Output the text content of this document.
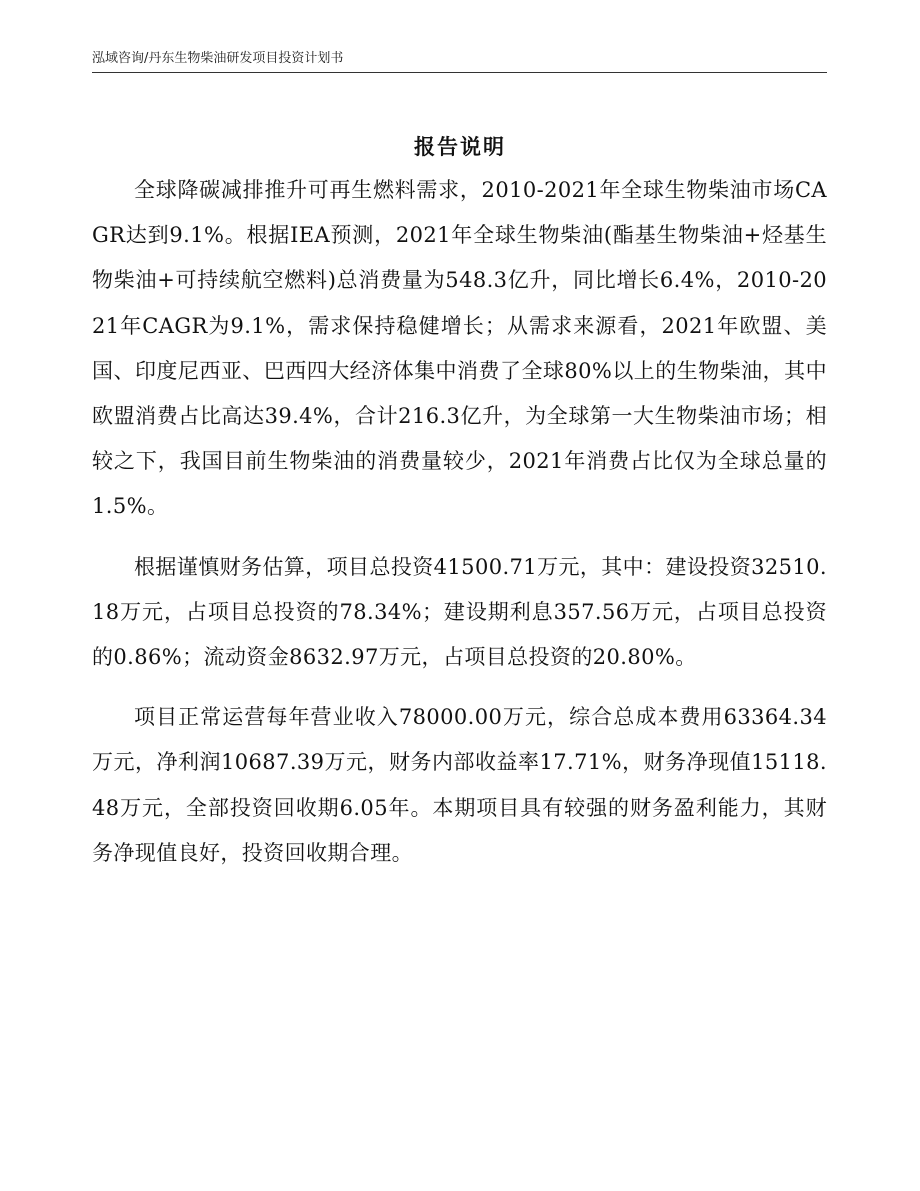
泓域咨询/丹东生物柴油研发项目投资计划书
报告说明

全球降碳减排推升可再生燃料需求，2010-2021年全球生物柴油市场CAGR达到9.1%。根据IEA预测，2021年全球生物柴油(酯基生物柴油+烃基生物柴油+可持续航空燃料)总消费量为548.3亿升，同比增长6.4%，2010-2021年CAGR为9.1%，需求保持稳健增长；从需求来源看，2021年欧盟、美国、印度尼西亚、巴西四大经济体集中消费了全球80%以上的生物柴油，其中欧盟消费占比高达39.4%，合计216.3亿升，为全球第一大生物柴油市场；相较之下，我国目前生物柴油的消费量较少，2021年消费占比仅为全球总量的1.5%。

根据谨慎财务估算，项目总投资41500.71万元，其中：建设投资32510.18万元，占项目总投资的78.34%；建设期利息357.56万元，占项目总投资的0.86%；流动资金8632.97万元，占项目总投资的20.80%。

项目正常运营每年营业收入78000.00万元，综合总成本费用63364.34万元，净利润10687.39万元，财务内部收益率17.71%，财务净现值15118.48万元，全部投资回收期6.05年。本期项目具有较强的财务盈利能力，其财务净现值良好，投资回收期合理。
